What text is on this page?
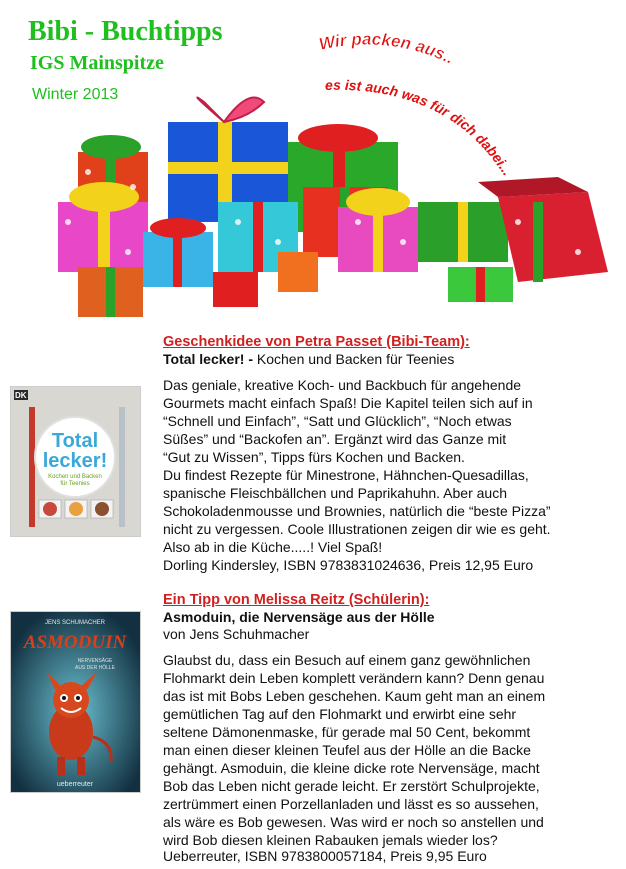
Bibi - Buchtipps
IGS Mainspitze
Winter 2013
Wir packen aus..
es ist auch was für dich dabei...
Geschenkidee von Petra Passet (Bibi-Team):
Total lecker! - Kochen und Backen für Teenies
Das geniale, kreative Koch- und Backbuch für angehende
Gourmets macht einfach Spaß! Die Kapitel teilen sich auf in
“Schnell und Einfach”, “Satt und Glücklich”, “Noch etwas
Süßes” und “Backofen an”. Ergänzt wird das Ganze mit
“Gut zu Wissen”, Tipps fürs Kochen und Backen.
Du findest Rezepte für Minestrone, Hähnchen-Quesadillas,
spanische Fleischbällchen und Paprikahuhn. Aber auch
Schokoladenmousse und Brownies, natürlich die “beste Pizza”
nicht zu vergessen. Coole Illustrationen zeigen dir wie es geht.
Also ab in die Küche.....! Viel Spaß!
Dorling Kindersley, ISBN 9783831024636, Preis 12,95 Euro
DK
Total
lecker!
Kochen und Backen
für Teenies
Ein Tipp von Melissa Reitz (Schülerin):
Asmoduin, die Nervensäge aus der Hölle
von Jens Schuhmacher
Glaubst du, dass ein Besuch auf einem ganz gewöhnlichen
Flohmarkt dein Leben komplett verändern kann? Denn genau
das ist mit Bobs Leben geschehen. Kaum geht man an einem
gemütlichen Tag auf den Flohmarkt und erwirbt eine sehr
seltene Dämonenmaske, für gerade mal 50 Cent, bekommt
man einen dieser kleinen Teufel aus der Hölle an die Backe
gehängt. Asmoduin, die kleine dicke rote Nervensäge, macht
Bob das Leben nicht gerade leicht. Er zerstört Schulprojekte,
zertrümmert einen Porzellanladen und lässt es so aussehen,
als wäre es Bob gewesen. Was wird er noch so anstellen und
wird Bob diesen kleinen Rabauken jemals wieder los?
Ueberreuter, ISBN 9783800057184, Preis 9,95 Euro
JENS SCHUMACHER
ASMODUIN
NERVENSÄGE
AUS DER HÖLLE
ueberreuter
